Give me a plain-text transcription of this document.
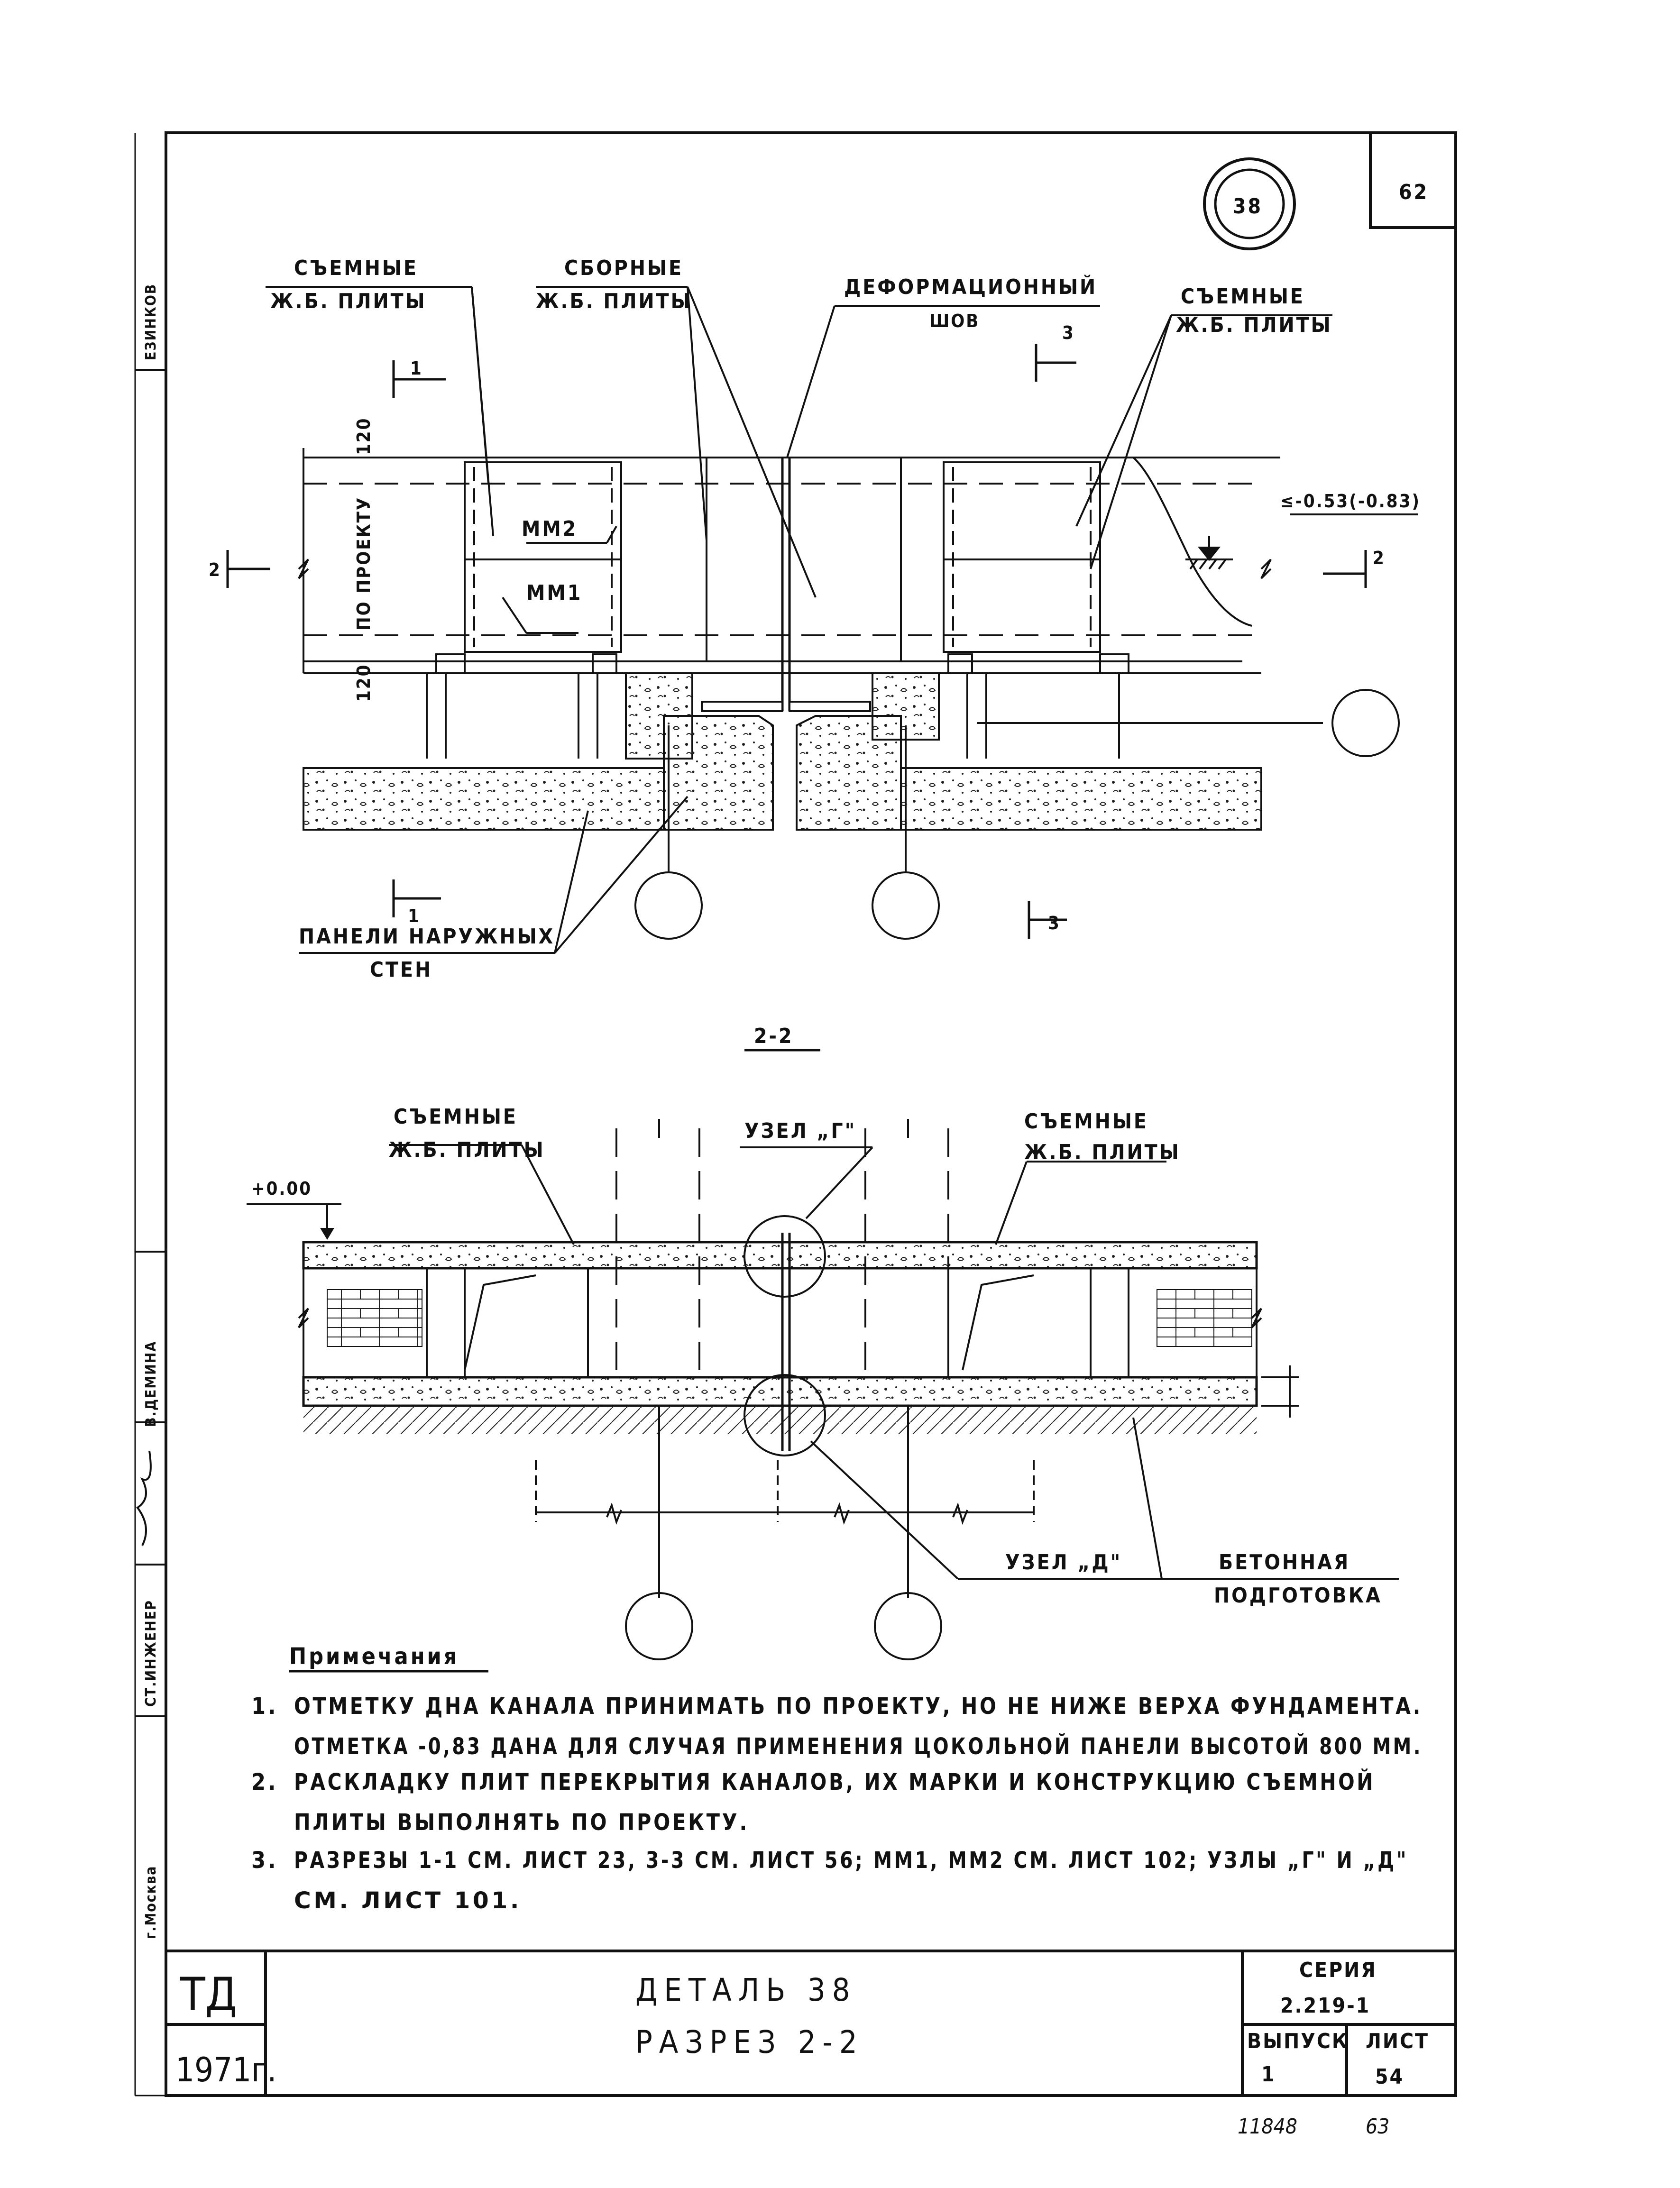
62
38
ЕЗИНКОВ
В.ДЕМИНА
СТ.ИНЖЕНЕР
г.Москва
1
1
2
2
3
3
СЪЕМНЫЕ
Ж.Б. ПЛИТЫ
СБОРНЫЕ
Ж.Б. ПЛИТЫ
ДЕФОРМАЦИОННЫЙ
ШОВ
СЪЕМНЫЕ
Ж.Б. ПЛИТЫ
ММ2
ММ1
ПО ПРОЕКТУ
120
120
≤-0.53(-0.83)
ПАНЕЛИ НАРУЖНЫХ
СТЕН
2-2
СЪЕМНЫЕ
Ж.Б. ПЛИТЫ
УЗЕЛ „Г"	СЪЕМНЫЕ
Ж.Б. ПЛИТЫ
+0.00
УЗЕЛ „Д"	БЕТОННАЯ
ПОДГОТОВКА
Примечания
1. ОТМЕТКУ ДНА КАНАЛА ПРИНИМАТЬ ПО ПРОЕКТУ, НО НЕ НИЖЕ ВЕРХА ФУНДАМЕНТА.
ОТМЕТКА -0,83 ДАНА ДЛЯ СЛУЧАЯ ПРИМЕНЕНИЯ ЦОКОЛЬНОЙ ПАНЕЛИ ВЫСОТОЙ 800 ММ.
2. РАСКЛАДКУ ПЛИТ ПЕРЕКРЫТИЯ КАНАЛОВ, ИХ МАРКИ И КОНСТРУКЦИЮ СЪЕМНОЙ
ПЛИТЫ ВЫПОЛНЯТЬ ПО ПРОЕКТУ.
3. РАЗРЕЗЫ 1-1 СМ. ЛИСТ 23, 3-3 СМ. ЛИСТ 56; ММ1, ММ2 СМ. ЛИСТ 102; УЗЛЫ „Г" И „Д"
СМ. ЛИСТ 101.
ТД
1971г.
ДЕТАЛЬ 38
РАЗРЕЗ 2-2
СЕРИЯ
2.219-1
ВЫПУСК
1
ЛИСТ
54
11848	63
